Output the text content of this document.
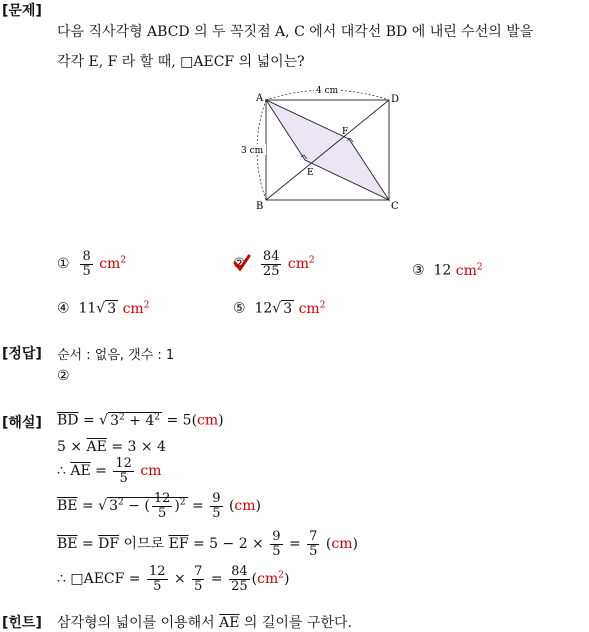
[문제]
[정답]
[해설]
[힌트]
다음 직사각형 ABCD 의 두 꼭짓점 A, C 에서 대각선 BD 에 내린 수선의 발을
각각 E, F 라 할 때, □AECF 의 넓이는?
4 cm
3 cm
A	D
B	C
E
F
① $\frac{8}{5} cm^2$	②
$\frac{84}{25} cm^2$
③ 12 $cm^2$
④ 11√ 3 $cm^2$	⑤ 12√ 3 $cm^2$
순서 : 없음, 갯수 : 1
②
$\overline{BD}$ = √ $3^2 + 4^2 = 5(cm)$
$5 \times \overline{AE} = 3 \times 4$
∴ $\overline{AE} = \frac{12}{5}$ cm
$\overline{BE}$ = √ $3^2$ − ( $\frac{12}{5} )^2 = \frac{9}{5} (cm)$
$\overline{BE} = \overline{DF}$ 이므로 $\overline{EF} = 5 - 2 \times \frac{9}{5} = \frac{7}{5} (cm)$
∴ □AECF = $\frac{12}{5} \times \frac{7}{5} = \frac{84}{25} (cm^2)$
삼각형의 넓이를 이용해서 $\overline{AE}$ 의 길이를 구한다.
